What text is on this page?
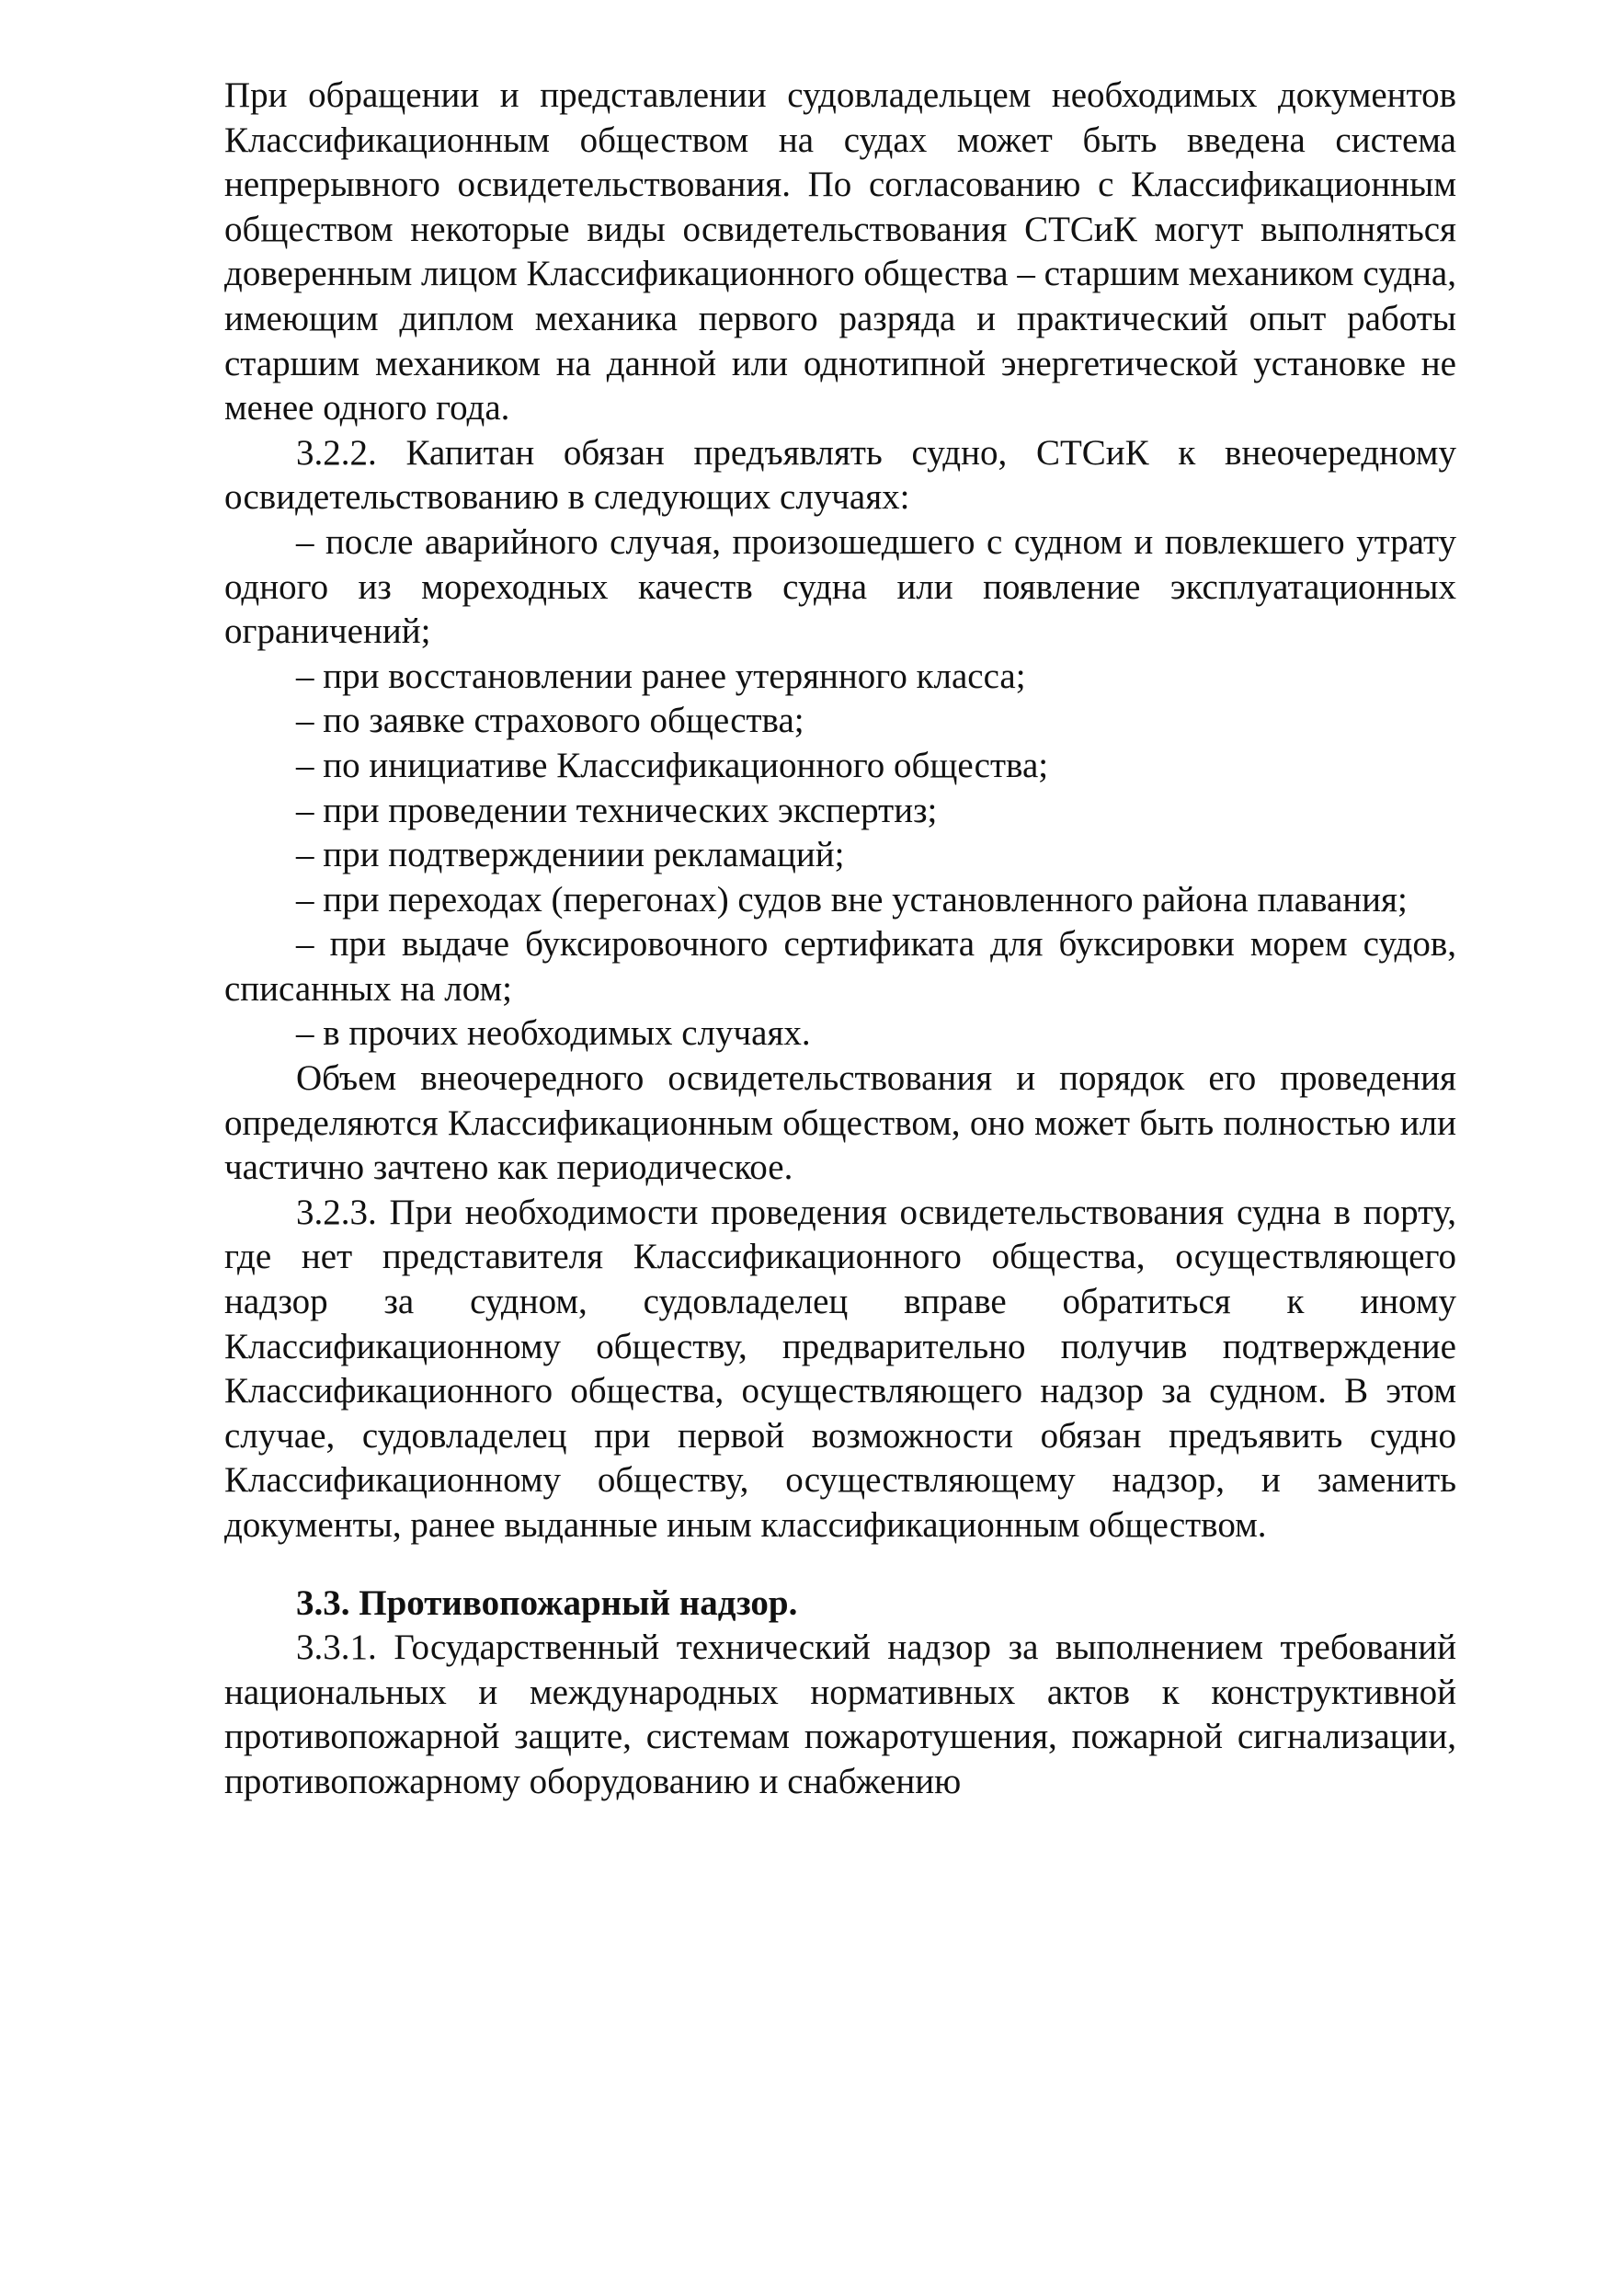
При обращении и представлении судовладельцем необходимых документов Классификационным обществом на судах может быть введена система непрерывного освидетельствования. По согласованию с Классификационным обществом некоторые виды освидетельствования СТСиК могут выполняться доверенным лицом Классификационного общества – старшим механиком судна, имеющим диплом механика первого разряда и практический опыт работы старшим механиком на данной или однотипной энергетической установке не менее одного года.

3.2.2. Капитан обязан предъявлять судно, СТСиК к внеочередному освидетельствованию в следующих случаях:

– после аварийного случая, произошедшего с судном и повлекшего утрату одного из мореходных качеств судна или появление эксплуатационных ограничений;

– при восстановлении ранее утерянного класса;

– по заявке страхового общества;

– по инициативе Классификационного общества;

– при проведении технических экспертиз;

– при подтверждениии рекламаций;

– при переходах (перегонах) судов вне установленного района плавания;

– при выдаче буксировочного сертификата для буксировки морем судов, списанных на лом;

– в прочих необходимых случаях.

Объем внеочередного освидетельствования и порядок его проведения определяются Классификационным обществом, оно может быть полностью или частично зачтено как периодическое.

3.2.3. При необходимости проведения освидетельствования судна в порту, где нет представителя Классификационного общества, осуществляющего надзор за судном, судовладелец вправе обратиться к иному Классификационному обществу, предварительно получив подтверждение Классификационного общества, осуществляющего надзор за судном. В этом случае, судовладелец при первой возможности обязан предъявить судно Классификационному обществу, осуществляющему надзор, и заменить документы, ранее выданные иным классификационным обществом.

3.3. Противопожарный надзор.

3.3.1. Государственный технический надзор за выполнением требований национальных и международных нормативных актов к конструктивной противопожарной защите, системам пожаротушения, пожарной сигнализации, противопожарному оборудованию и снабжению
